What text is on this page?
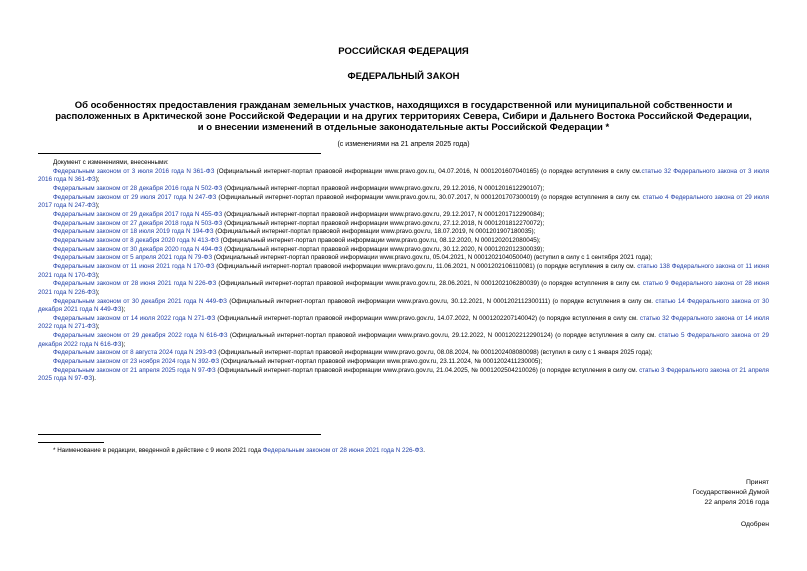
РОССИЙСКАЯ ФЕДЕРАЦИЯ
ФЕДЕРАЛЬНЫЙ ЗАКОН
Об особенностях предоставления гражданам земельных участков, находящихся в государственной или муниципальной собственности и расположенных в Арктической зоне Российской Федерации и на других территориях Севера, Сибири и Дальнего Востока Российской Федерации, и о внесении изменений в отдельные законодательные акты Российской Федерации *
(с изменениями на 21 апреля 2025 года)
Документ с изменениями, внесенными:
Федеральным законом от 3 июля 2016 года N 361-ФЗ (Официальный интернет-портал правовой информации www.pravo.gov.ru, 04.07.2016, N 0001201607040165) (о порядке вступления в силу см.статью 32 Федерального закона от 3 июля 2016 года N 361-ФЗ);
Федеральным законом от 28 декабря 2016 года N 502-ФЗ (Официальный интернет-портал правовой информации www.pravo.gov.ru, 29.12.2016, N 0001201612290107);
Федеральным законом от 29 июля 2017 года N 247-ФЗ (Официальный интернет-портал правовой информации www.pravo.gov.ru, 30.07.2017, N 0001201707300019) (о порядке вступления в силу см. статью 4 Федерального закона от 29 июля 2017 года N 247-ФЗ);
Федеральным законом от 29 декабря 2017 года N 455-ФЗ (Официальный интернет-портал правовой информации www.pravo.gov.ru, 29.12.2017, N 0001201712290084);
Федеральным законом от 27 декабря 2018 года N 503-ФЗ (Официальный интернет-портал правовой информации www.pravo.gov.ru, 27.12.2018, N 0001201812270072);
Федеральным законом от 18 июля 2019 года N 194-ФЗ (Официальный интернет-портал правовой информации www.pravo.gov.ru, 18.07.2019, N 0001201907180035);
Федеральным законом от 8 декабря 2020 года N 413-ФЗ (Официальный интернет-портал правовой информации www.pravo.gov.ru, 08.12.2020, N 0001202012080045);
Федеральным законом от 30 декабря 2020 года N 494-ФЗ (Официальный интернет-портал правовой информации www.pravo.gov.ru, 30.12.2020, N 0001202012300039);
Федеральным законом от 5 апреля 2021 года N 79-ФЗ (Официальный интернет-портал правовой информации www.pravo.gov.ru, 05.04.2021, N 0001202104050040) (вступил в силу с 1 сентября 2021 года);
Федеральным законом от 11 июня 2021 года N 170-ФЗ (Официальный интернет-портал правовой информации www.pravo.gov.ru, 11.06.2021, N 0001202106110081) (о порядке вступления в силу см. статью 138 Федерального закона от 11 июня 2021 года N 170-ФЗ);
Федеральным законом от 28 июня 2021 года N 226-ФЗ (Официальный интернет-портал правовой информации www.pravo.gov.ru, 28.06.2021, N 0001202106280039) (о порядке вступления в силу см. статью 9 Федерального закона от 28 июня 2021 года N 226-ФЗ);
Федеральным законом от 30 декабря 2021 года N 449-ФЗ (Официальный интернет-портал правовой информации www.pravo.gov.ru, 30.12.2021, N 0001202112300111) (о порядке вступления в силу см. статью 14 Федерального закона от 30 декабря 2021 года N 449-ФЗ);
Федеральным законом от 14 июля 2022 года N 271-ФЗ (Официальный интернет-портал правовой информации www.pravo.gov.ru, 14.07.2022, N 0001202207140042) (о порядке вступления в силу см. статью 32 Федерального закона от 14 июля 2022 года N 271-ФЗ);
Федеральным законом от 29 декабря 2022 года N 616-ФЗ (Официальный интернет-портал правовой информации www.pravo.gov.ru, 29.12.2022, N 0001202212290124) (о порядке вступления в силу см. статью 5 Федерального закона от 29 декабря 2022 года N 616-ФЗ);
Федеральным законом от 8 августа 2024 года N 293-ФЗ (Официальный интернет-портал правовой информации www.pravo.gov.ru, 08.08.2024, № 0001202408080098) (вступил в силу с 1 января 2025 года);
Федеральным законом от 23 ноября 2024 года N 392-ФЗ (Официальный интернет-портал правовой информации www.pravo.gov.ru, 23.11.2024, № 0001202411230005);
Федеральным законом от 21 апреля 2025 года N 97-ФЗ (Официальный интернет-портал правовой информации www.pravo.gov.ru, 21.04.2025, № 0001202504210026) (о порядке вступления в силу см. статью 3 Федерального закона от 21 апреля 2025 года N 97-ФЗ).
* Наименование в редакции, введенной в действие с 9 июля 2021 года Федеральным законом от 28 июня 2021 года N 226-ФЗ.
Принят
Государственной Думой
22 апреля 2016 года
Одобрен
